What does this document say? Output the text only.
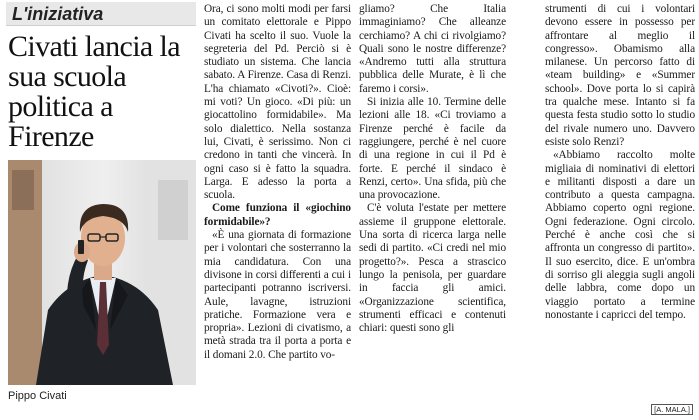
L'iniziativa
Civati lancia la sua scuola politica a Firenze
Pippo Civati

Ora, ci sono molti modi per farsi un comitato elettorale e Pippo Civati ha scelto il suo. Vuole la segreteria del Pd. Perciò si è studiato un sistema. Che lancia sabato. A Firenze. Casa di Renzi. L'ha chiamato «Civoti?». Cioè: mi voti? Un gioco. «Di più: un giocattolino formidabile». Ma solo dialettico. Nella sostanza lui, Civati, è serissimo. Non ci credono in tanti che vincerà. In ogni caso si è fatto la squadra. Larga. E adesso la porta a scuola.

Come funziona il «giochino formidabile»?

«È una giornata di formazione per i volontari che sosterranno la mia candidatura. Con una divisone in corsi differenti a cui i partecipanti potranno iscriversi. Aule, lavagne, istruzioni pratiche. Formazione vera e propria». Lezioni di civatismo, a metà strada tra il porta a porta e il domani 2.0. Che partito vo-

gliamo? Che Italia immaginiamo? Che alleanze cerchiamo? A chi ci rivolgiamo? Quali sono le nostre differenze? «Andremo tutti alla struttura pubblica delle Murate, è lì che faremo i corsi».

Si inizia alle 10. Termine delle lezioni alle 18. «Ci troviamo a Firenze perché è facile da raggiungere, perché è nel cuore di una regione in cui il Pd è forte. E perché il sindaco è Renzi, certo». Una sfida, più che una provocazione.

C'è voluta l'estate per mettere assieme il gruppone elettorale. Una sorta di ricerca larga nelle sedi di partito. «Ci credi nel mio progetto?». Pesca a strascico lungo la penisola, per guardare in faccia gli amici. «Organizzazione scientifica, strumenti efficaci e contenuti chiari: questi sono gli

strumenti di cui i volontari devono essere in possesso per affrontare al meglio il congresso». Obamismo alla milanese. Un percorso fatto di «team building» e «Summer school». Dove porta lo si capirà tra qualche mese. Intanto si fa questa festa studio sotto lo studio del rivale numero uno. Davvero esiste solo Renzi?

«Abbiamo raccolto molte migliaia di nominativi di elettori e militanti disposti a dare un contributo a questa campagna. Abbiamo coperto ogni regione. Ogni federazione. Ogni circolo. Perché è anche così che si affronta un congresso di partito». Il suo esercito, dice. E un'ombra di sorriso gli aleggia sugli angoli delle labbra, come dopo un viaggio portato a termine nonostante i capricci del tempo.

[A. MALA.]
